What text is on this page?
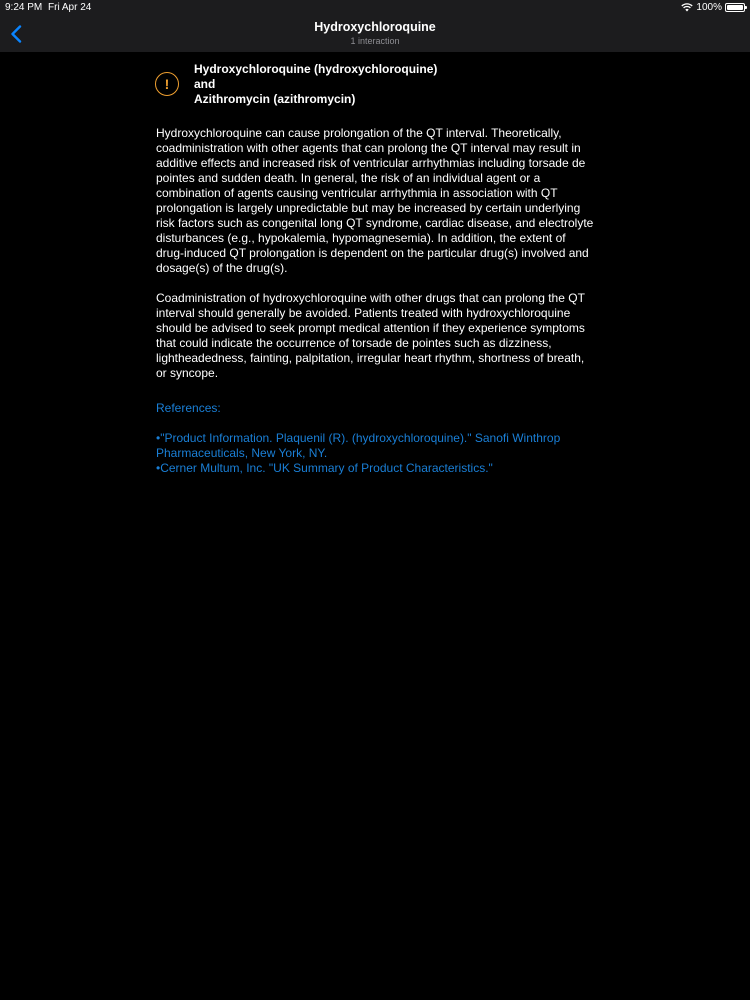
9:24 PM Fri Apr 24	100%
Hydroxychloroquine
1 interaction
!
Hydroxychloroquine (hydroxychloroquine)
and
Azithromycin (azithromycin)

Hydroxychloroquine can cause prolongation of the QT interval. Theoretically, coadministration with other agents that can prolong the QT interval may result in additive effects and increased risk of ventricular arrhythmias including torsade de pointes and sudden death. In general, the risk of an individual agent or a combination of agents causing ventricular arrhythmia in association with QT prolongation is largely unpredictable but may be increased by certain underlying risk factors such as congenital long QT syndrome, cardiac disease, and electrolyte disturbances (e.g., hypokalemia, hypomagnesemia). In addition, the extent of drug-induced QT prolongation is dependent on the particular drug(s) involved and dosage(s) of the drug(s).

Coadministration of hydroxychloroquine with other drugs that can prolong the QT interval should generally be avoided. Patients treated with hydroxychloroquine should be advised to seek prompt medical attention if they experience symptoms that could indicate the occurrence of torsade de pointes such as dizziness, lightheadedness, fainting, palpitation, irregular heart rhythm, shortness of breath, or syncope.

References:
• "Product Information. Plaquenil (R). (hydroxychloroquine)." Sanofi Winthrop Pharmaceuticals, New York, NY.
• Cerner Multum, Inc. "UK Summary of Product Characteristics."
